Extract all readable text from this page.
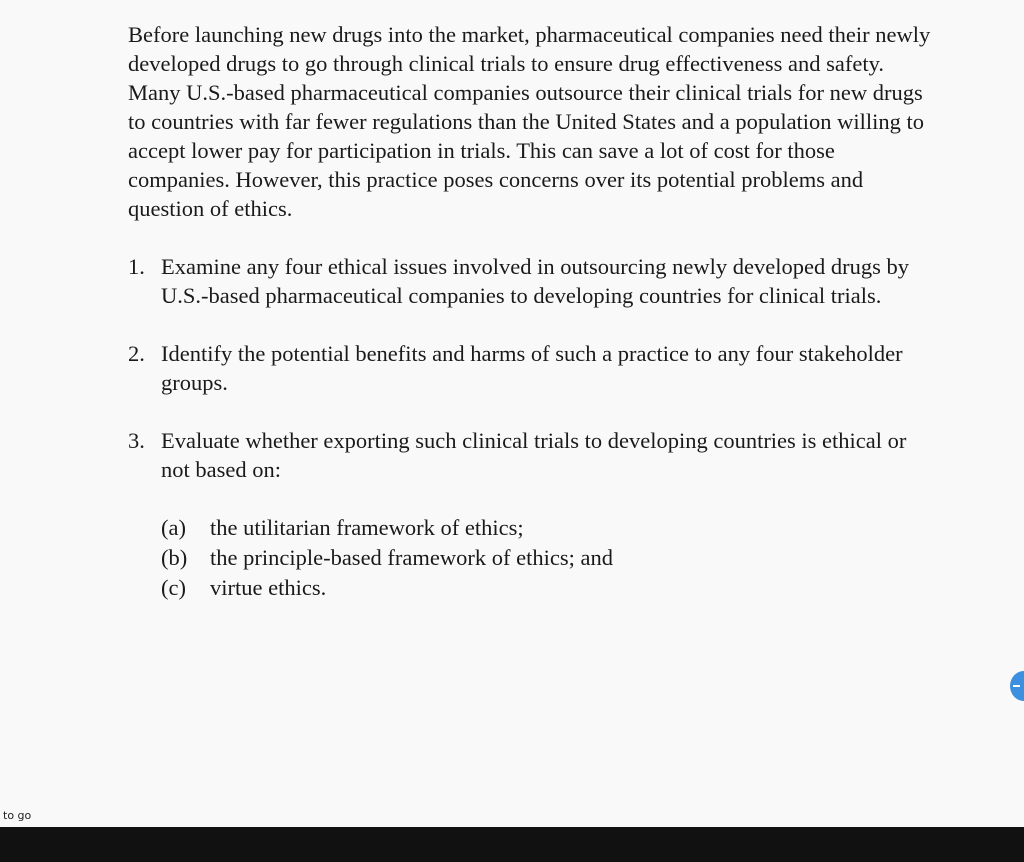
Before launching new drugs into the market, pharmaceutical companies need their newly developed drugs to go through clinical trials to ensure drug effectiveness and safety. Many U.S.-based pharmaceutical companies outsource their clinical trials for new drugs to countries with far fewer regulations than the United States and a population willing to accept lower pay for participation in trials. This can save a lot of cost for those companies. However, this practice poses concerns over its potential problems and question of ethics.

1. Examine any four ethical issues involved in outsourcing newly developed drugs by U.S.-based pharmaceutical companies to developing countries for clinical trials.
2. Identify the potential benefits and harms of such a practice to any four stakeholder groups.
3. Evaluate whether exporting such clinical trials to developing countries is ethical or not based on:
(a) the utilitarian framework of ethics;
(b) the principle-based framework of ethics; and
(c) virtue ethics.
to go
